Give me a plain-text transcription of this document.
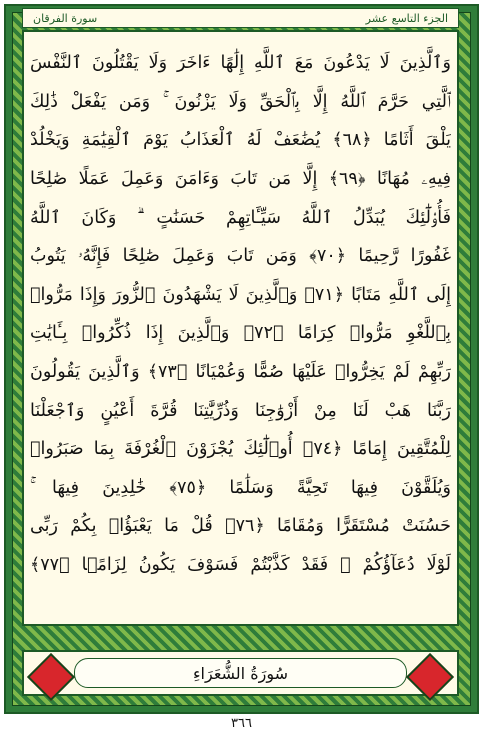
الجزء التاسع عشر
سورة الفرقان
وَٱلَّذِينَ لَا يَدْعُونَ مَعَ ٱللَّهِ إِلَٰهًا ءَاخَرَ وَلَا يَقْتُلُونَ ٱلنَّفْسَ
ٱلَّتِي حَرَّمَ ٱللَّهُ إِلَّا بِٱلْحَقِّ وَلَا يَزْنُونَ ۚ وَمَن يَفْعَلْ ذَٰلِكَ
يَلْقَ أَثَامًا ﴿٦٨﴾ يُضَٰعَفْ لَهُ ٱلْعَذَابُ يَوْمَ ٱلْقِيَٰمَةِ وَيَخْلُدْ
فِيهِۦ مُهَانًا ﴿٦٩﴾ إِلَّا مَن تَابَ وَءَامَنَ وَعَمِلَ عَمَلًا صَٰلِحًا
فَأُو۟لَٰٓئِكَ يُبَدِّلُ ٱللَّهُ سَيِّـَٔاتِهِمْ حَسَنَٰتٍ ۗ وَكَانَ ٱللَّهُ
غَفُورًا رَّحِيمًا ﴿٧٠﴾ وَمَن تَابَ وَعَمِلَ صَٰلِحًا فَإِنَّهُۥ يَتُوبُ
إِلَى ٱللَّهِ مَتَابًا ﴿٧١﴾ وَٱلَّذِينَ لَا يَشْهَدُونَ ٱلزُّورَ وَإِذَا مَرُّوا۟
بِٱللَّغْوِ مَرُّوا۟ كِرَامًا ﴿٧٢﴾ وَٱلَّذِينَ إِذَا ذُكِّرُوا۟ بِـَٔايَٰتِ
رَبِّهِمْ لَمْ يَخِرُّوا۟ عَلَيْهَا صُمًّا وَعُمْيَانًا ﴿٧٣﴾ وَٱلَّذِينَ يَقُولُونَ
رَبَّنَا هَبْ لَنَا مِنْ أَزْوَٰجِنَا وَذُرِّيَّٰتِنَا قُرَّةَ أَعْيُنٍ وَٱجْعَلْنَا
لِلْمُتَّقِينَ إِمَامًا ﴿٧٤﴾ أُو۟لَٰٓئِكَ يُجْزَوْنَ ٱلْغُرْفَةَ بِمَا صَبَرُوا۟
وَيُلَقَّوْنَ فِيهَا تَحِيَّةً وَسَلَٰمًا ﴿٧٥﴾ خَٰلِدِينَ فِيهَا ۚ
حَسُنَتْ مُسْتَقَرًّا وَمُقَامًا ﴿٧٦﴾ قُلْ مَا يَعْبَؤُا۟ بِكُمْ رَبِّى
لَوْلَا دُعَآؤُكُمْ ۖ فَقَدْ كَذَّبْتُمْ فَسَوْفَ يَكُونُ لِزَامًۢا ﴿٧٧﴾
سُورَةُ الشُّعَرَاءِ
٣٦٦
